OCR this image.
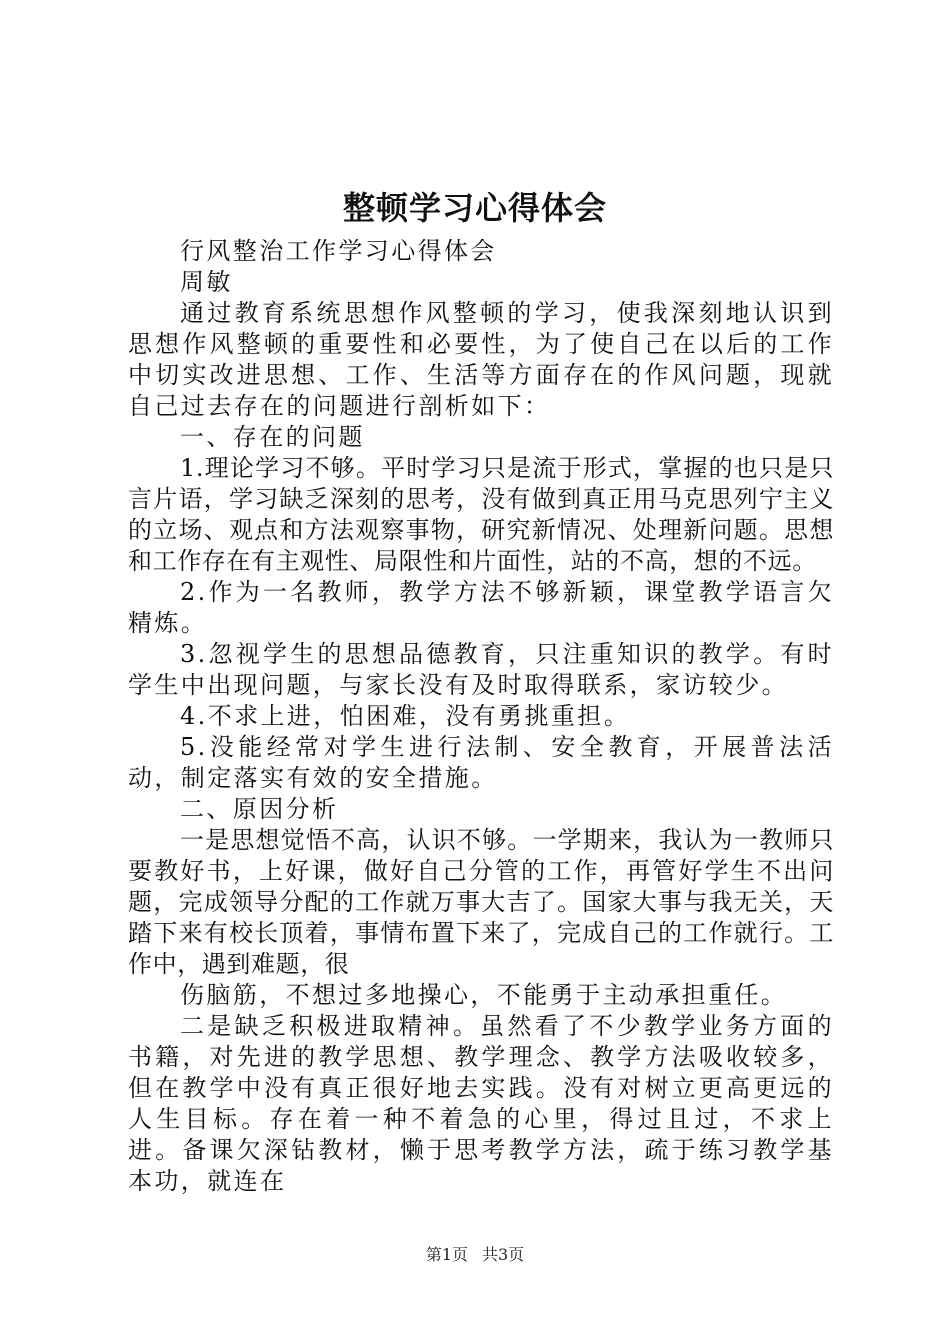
整顿学习心得体会

行风整治工作学习心得体会

周敏

通过教育系统思想作风整顿的学习，使我深刻地认识到思想作风整顿的重要性和必要性，为了使自己在以后的工作中切实改进思想、工作、生活等方面存在的作风问题，现就自己过去存在的问题进行剖析如下：

一、存在的问题

1.理论学习不够。平时学习只是流于形式，掌握的也只是只言片语，学习缺乏深刻的思考，没有做到真正用马克思列宁主义的立场、观点和方法观察事物，研究新情况、处理新问题。思想和工作存在有主观性、局限性和片面性，站的不高，想的不远。

2.作为一名教师，教学方法不够新颖，课堂教学语言欠精炼。

3.忽视学生的思想品德教育，只注重知识的教学。有时学生中出现问题，与家长没有及时取得联系，家访较少。

4.不求上进，怕困难，没有勇挑重担。

5.没能经常对学生进行法制、安全教育，开展普法活动，制定落实有效的安全措施。

二、原因分析

一是思想觉悟不高，认识不够。一学期来，我认为一教师只要教好书，上好课，做好自己分管的工作，再管好学生不出问题，完成领导分配的工作就万事大吉了。国家大事与我无关，天踏下来有校长顶着，事情布置下来了，完成自己的工作就行。工作中，遇到难题，很

伤脑筋，不想过多地操心，不能勇于主动承担重任。

二是缺乏积极进取精神。虽然看了不少教学业务方面的书籍，对先进的教学思想、教学理念、教学方法吸收较多，但在教学中没有真正很好地去实践。没有对树立更高更远的人生目标。存在着一种不着急的心里，得过且过，不求上进。备课欠深钻教材，懒于思考教学方法，疏于练习教学基本功，就连在

第1页 共3页
